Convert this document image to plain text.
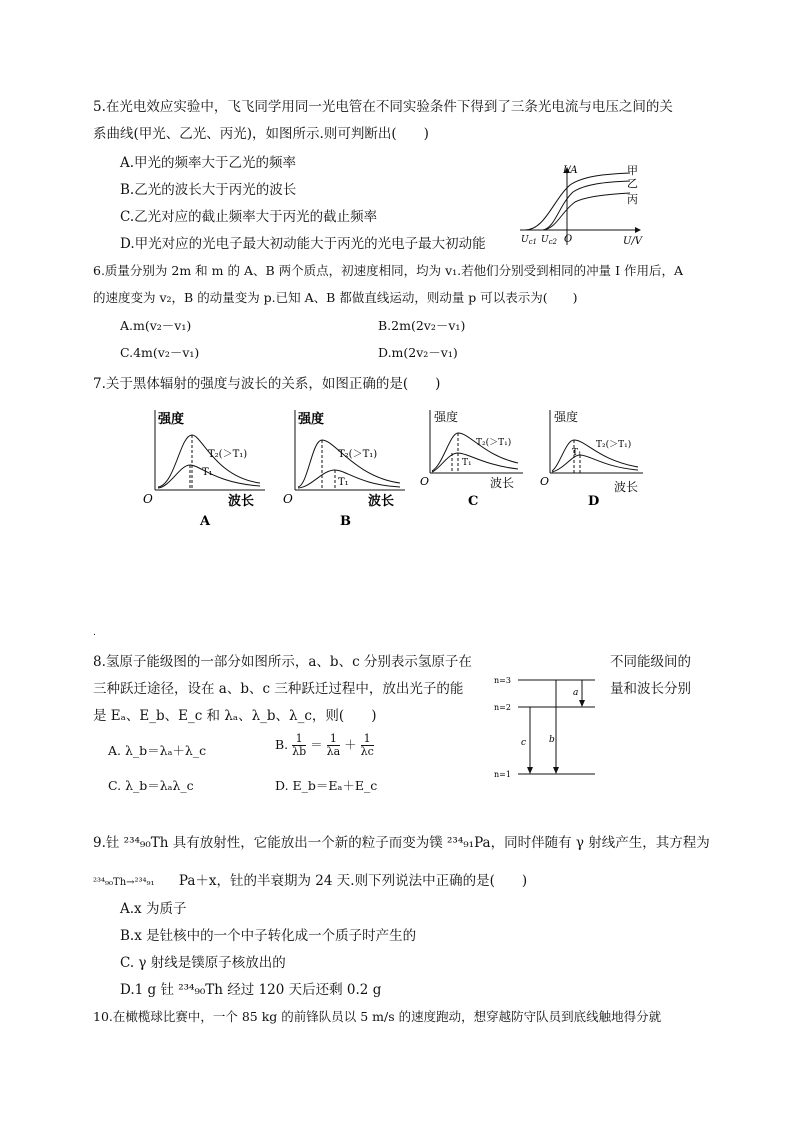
5.在光电效应实验中，飞飞同学用同一光电管在不同实验条件下得到了三条光电流与电压之间的关
系曲线(甲光、乙光、丙光)，如图所示.则可判断出(　　)
A.甲光的频率大于乙光的频率
B.乙光的波长大于丙光的波长
C.乙光对应的截止频率大于丙光的截止频率
D.甲光对应的光电子最大初动能大于丙光的光电子最大初动能
I/A
U/V
O
$U_{c1}$ $U_{c2}$
甲
乙
丙
6.质量分别为 2m 和 m 的 A、B 两个质点，初速度相同，均为 v₁.若他们分别受到相同的冲量 I 作用后，A
的速度变为 v₂，B 的动量变为 p.已知 A、B 都做直线运动，则动量 p 可以表示为(　　)
A.m(v₂－v₁)	B.2m(2v₂－v₁)
C.4m(v₂－v₁)	D.m(2v₂－v₁)
7.关于黑体辐射的强度与波长的关系，如图正确的是(　　)
强度
T₂(＞T₁)
T₁
波长
O
A
强度
T₂(＞T₁)
T₁
波长
O
B
强度
T₂(＞T₁)
T₁
波长
O
C
强度
T₂(＞T₁)
T₁
波长
O
D
.
8.氢原子能级图的一部分如图所示，a、b、c 分别表示氢原子在	不同能级间的
三种跃迁途径，设在 a、b、c 三种跃迁过程中，放出光子的能	量和波长分别
是 Eₐ、E_b、E_c 和 λₐ、λ_b、λ_c，则(　　)
A. λ_b＝λₐ＋λ_c	B. $\frac{1}{\lambda b} = \frac{1}{\lambda a} + \frac{1}{\lambda c}$
C. λ_b＝λₐλ_c	D. E_b＝Eₐ＋E_c
n=3
n=2
n=1
a
b
c
9.钍 ²³⁴₉₀Th 具有放射性，它能放出一个新的粒子而变为镤 ²³⁴₉₁Pa，同时伴随有 γ 射线产生，其方程为
²³⁴₉₀Th→²³⁴₉₁ Pa＋x，钍的半衰期为 24 天.则下列说法中正确的是(　　)
A.x 为质子
B.x 是钍核中的一个中子转化成一个质子时产生的
C. γ 射线是镤原子核放出的
D.1 g 钍 ²³⁴₉₀Th 经过 120 天后还剩 0.2 g
10.在橄榄球比赛中，一个 85 kg 的前锋队员以 5 m/s 的速度跑动，想穿越防守队员到底线触地得分就
